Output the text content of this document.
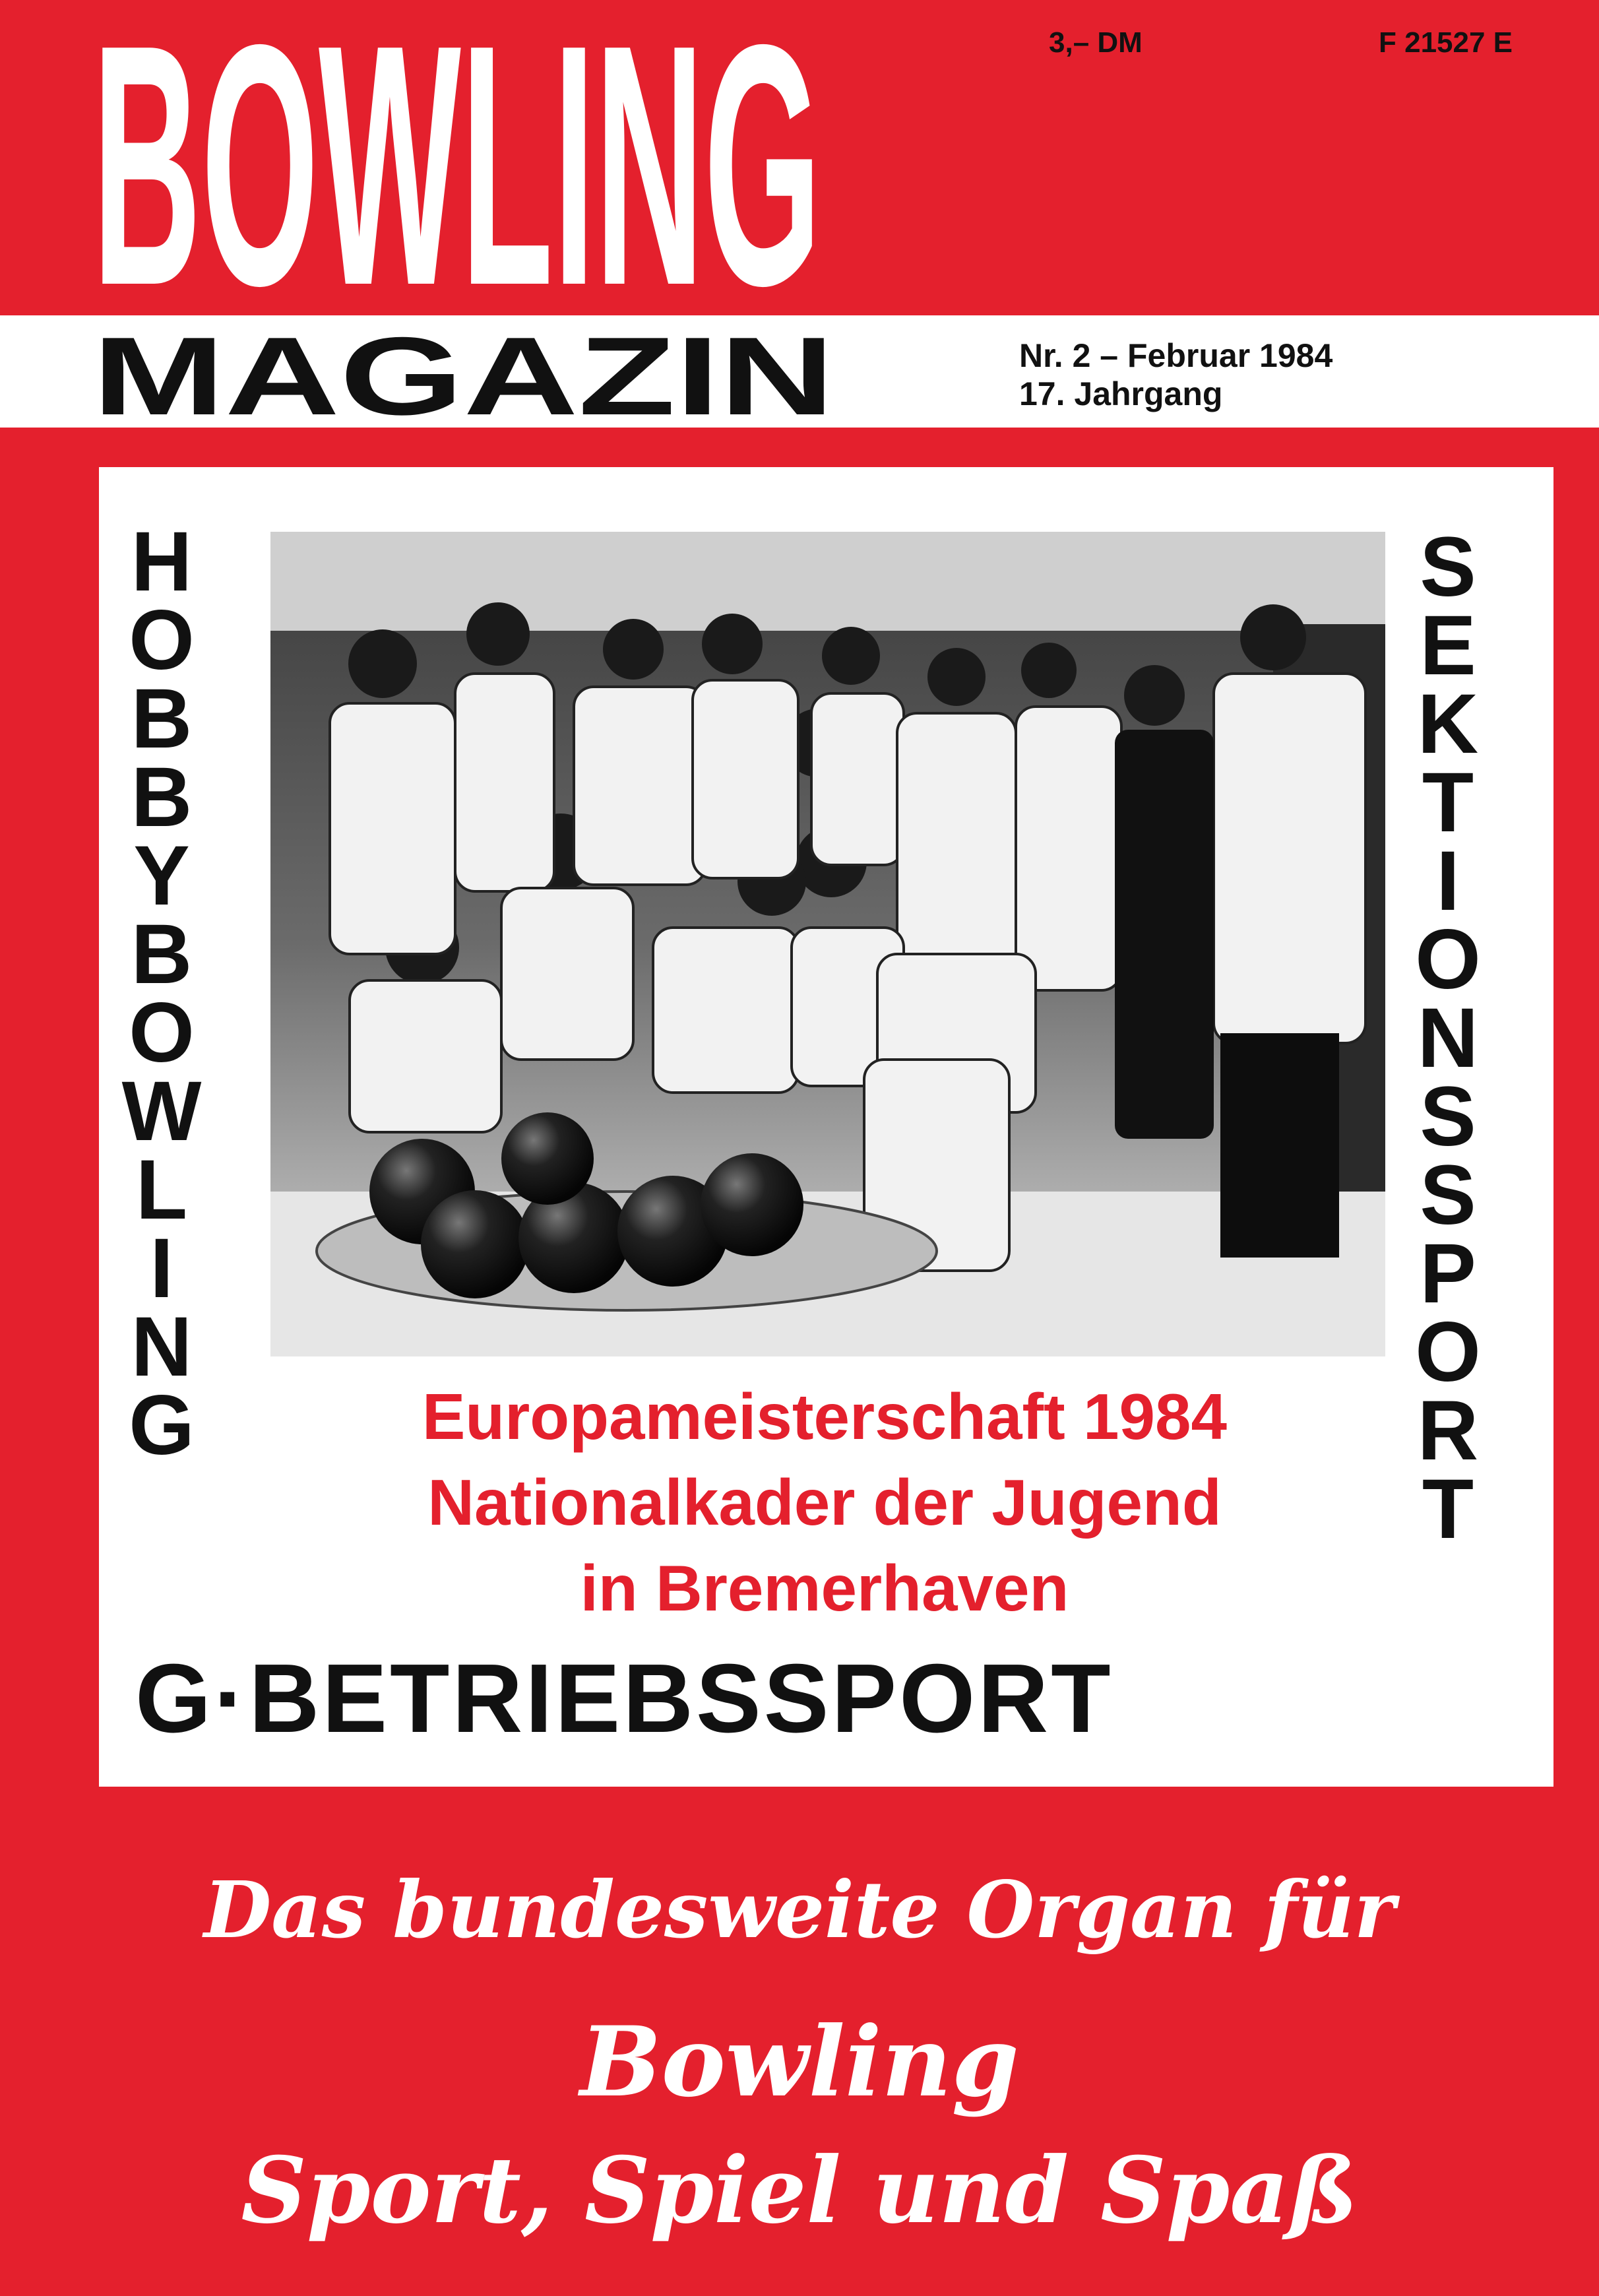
BOWLING	3,– DM	F 21527 E
MAGAZIN	Nr. 2 – Februar 1984
17. Jahrgang
H
O
B
B
Y
B
O
W
L
I
N
G
S
E
K
T
I
O
N
S
S
P
O
R
T
Europameisterschaft 1984
Nationalkader der Jugend
in Bremerhaven
G·BETRIEBSSPORT
Das bundesweite Organ für
Bowling
Sport, Spiel und Spaß
